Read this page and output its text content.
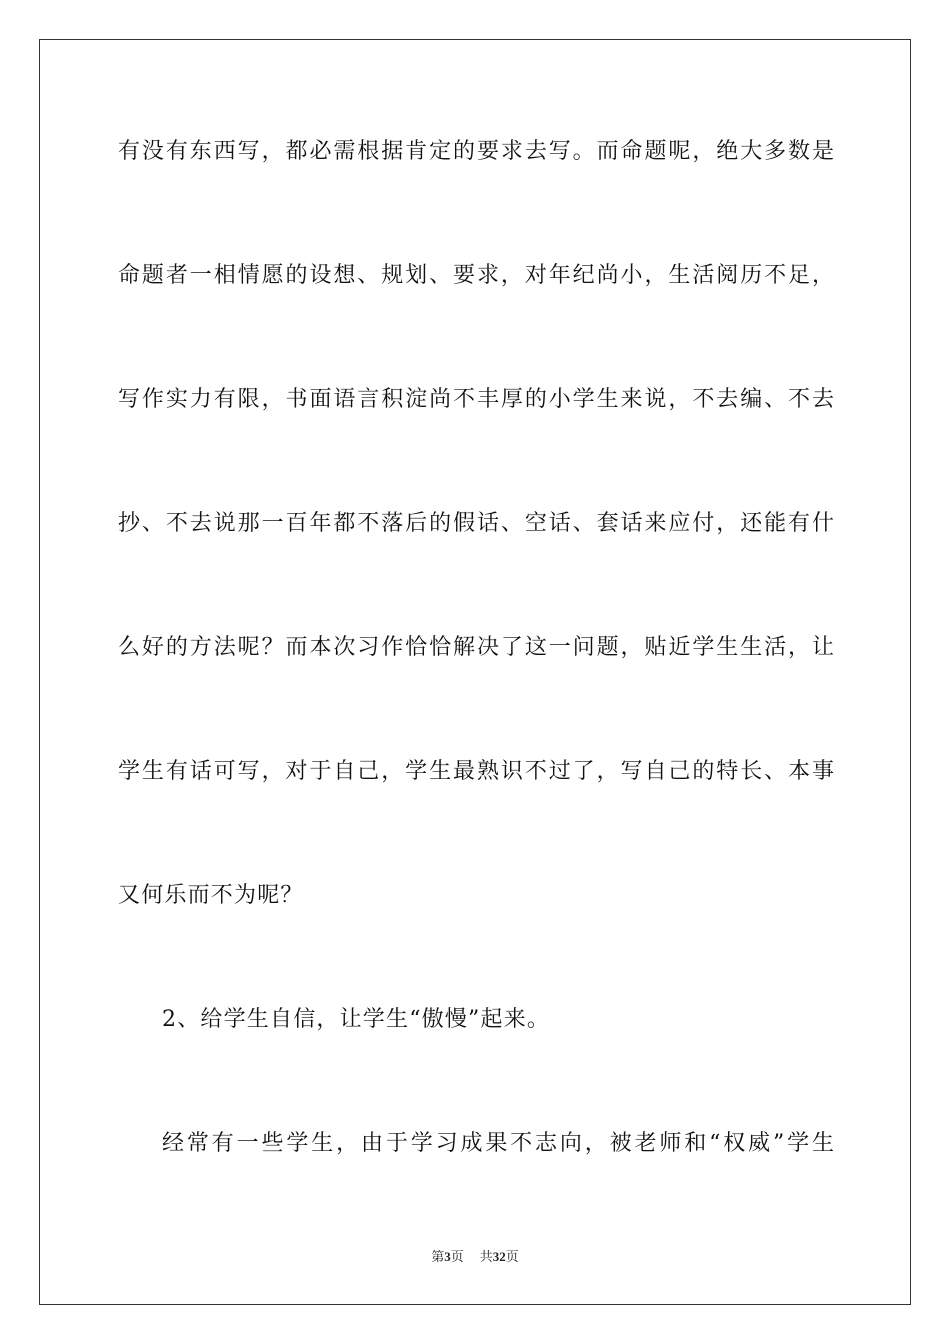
有没有东西写，都必需根据肯定的要求去写。而命题呢，绝大多数是
命题者一相情愿的设想、规划、要求，对年纪尚小，生活阅历不足，
写作实力有限，书面语言积淀尚不丰厚的小学生来说，不去编、不去
抄、不去说那一百年都不落后的假话、空话、套话来应付，还能有什
么好的方法呢？而本次习作恰恰解决了这一问题，贴近学生生活，让
学生有话可写，对于自己，学生最熟识不过了，写自己的特长、本事
又何乐而不为呢？
2、给学生自信，让学生“傲慢”起来。
经常有一些学生，由于学习成果不志向，被老师和“权威”学生
第3页 共32页
